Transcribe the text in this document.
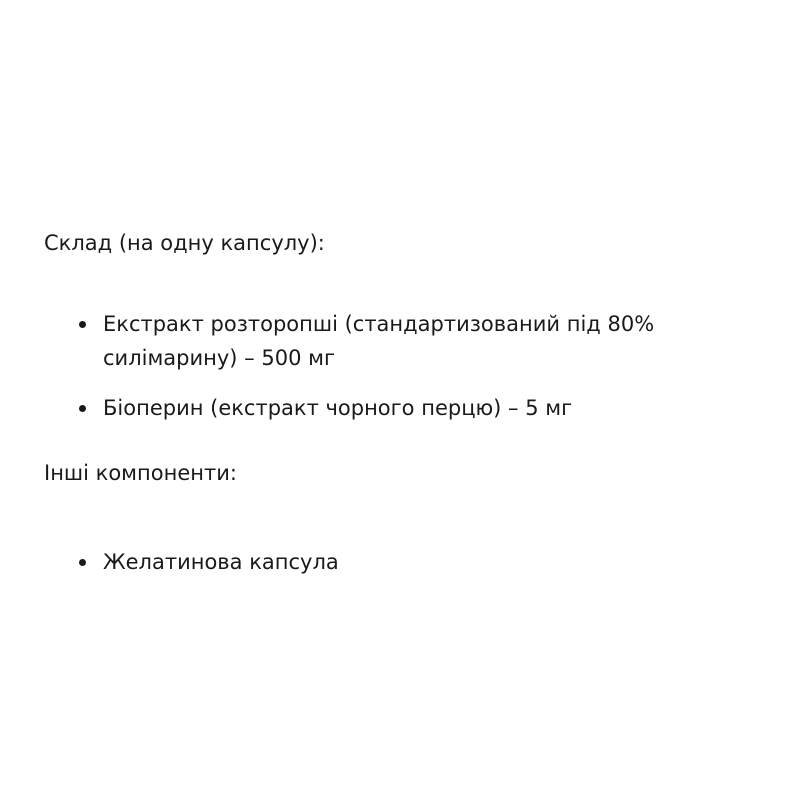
Склад (на одну капсулу):

Екстракт розторопші (стандартизований під 80% силімарину) – 500 мг
Біоперин (екстракт чорного перцю) – 5 мг

Інші компоненти:

Желатинова капсула
